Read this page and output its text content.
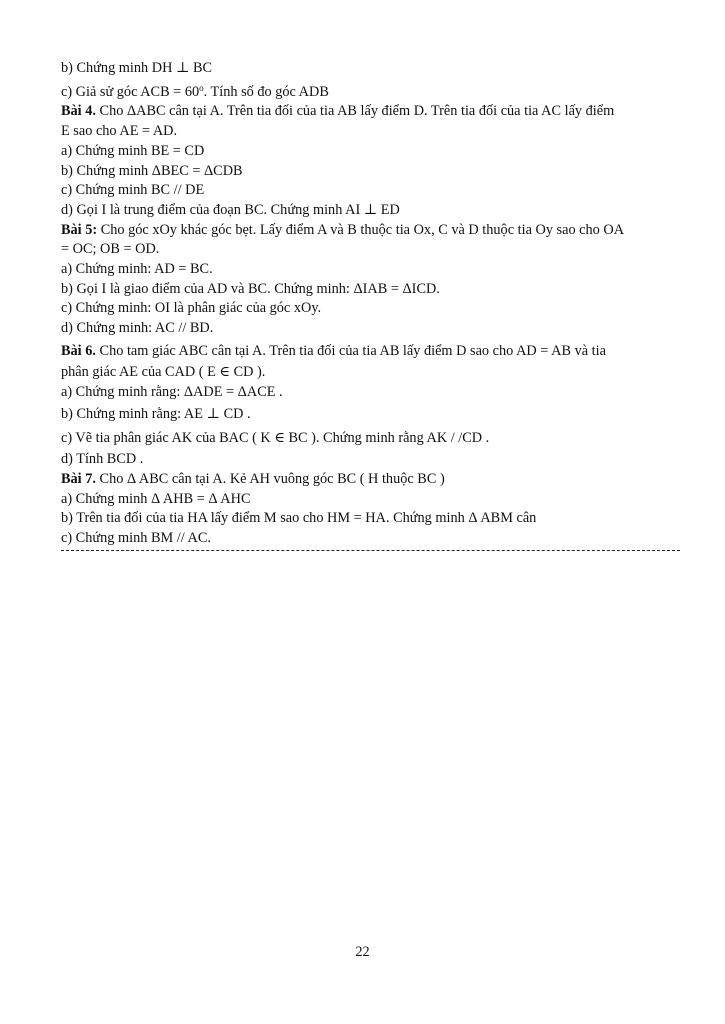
b) Chứng minh DH ⊥ BC
c) Giả sử góc ACB = $60^o$. Tính số đo góc ADB
Bài 4. Cho ΔABC cân tại A. Trên tia đối của tia AB lấy điểm D. Trên tia đối của tia AC lấy điểm
E sao cho AE = AD.
a) Chứng minh BE = CD
b) Chứng minh ΔBEC = ΔCDB
c) Chứng minh BC // DE
d) Gọi I là trung điểm của đoạn BC. Chứng minh AI ⊥ ED
Bài 5: Cho góc xOy khác góc bẹt. Lấy điểm A và B thuộc tia Ox, C và D thuộc tia Oy sao cho OA
= OC; OB = OD.
a) Chứng minh: AD = BC.
b) Gọi I là giao điểm của AD và BC. Chứng minh: ΔIAB = ΔICD.
c) Chứng minh: OI là phân giác của góc xOy.
d) Chứng minh: AC // BD.
Bài 6. Cho tam giác ABC cân tại A. Trên tia đối của tia AB lấy điểm D sao cho AD = AB và tia
phân giác AE của CAD ( E ∈ CD ).
a) Chứng minh rằng: ΔADE = ΔACE .
b) Chứng minh rằng: AE ⊥ CD .
c) Vẽ tia phân giác AK của BAC ( K ∈ BC ). Chứng minh rằng AK / /CD .
d) Tính BCD .
Bài 7. Cho Δ ABC cân tại A. Kẻ AH vuông góc BC ( H thuộc BC )
a) Chứng minh Δ AHB = Δ AHC
b) Trên tia đối của tia HA lấy điểm M sao cho HM = HA. Chứng minh Δ ABM cân
c) Chứng minh BM // AC.
22
